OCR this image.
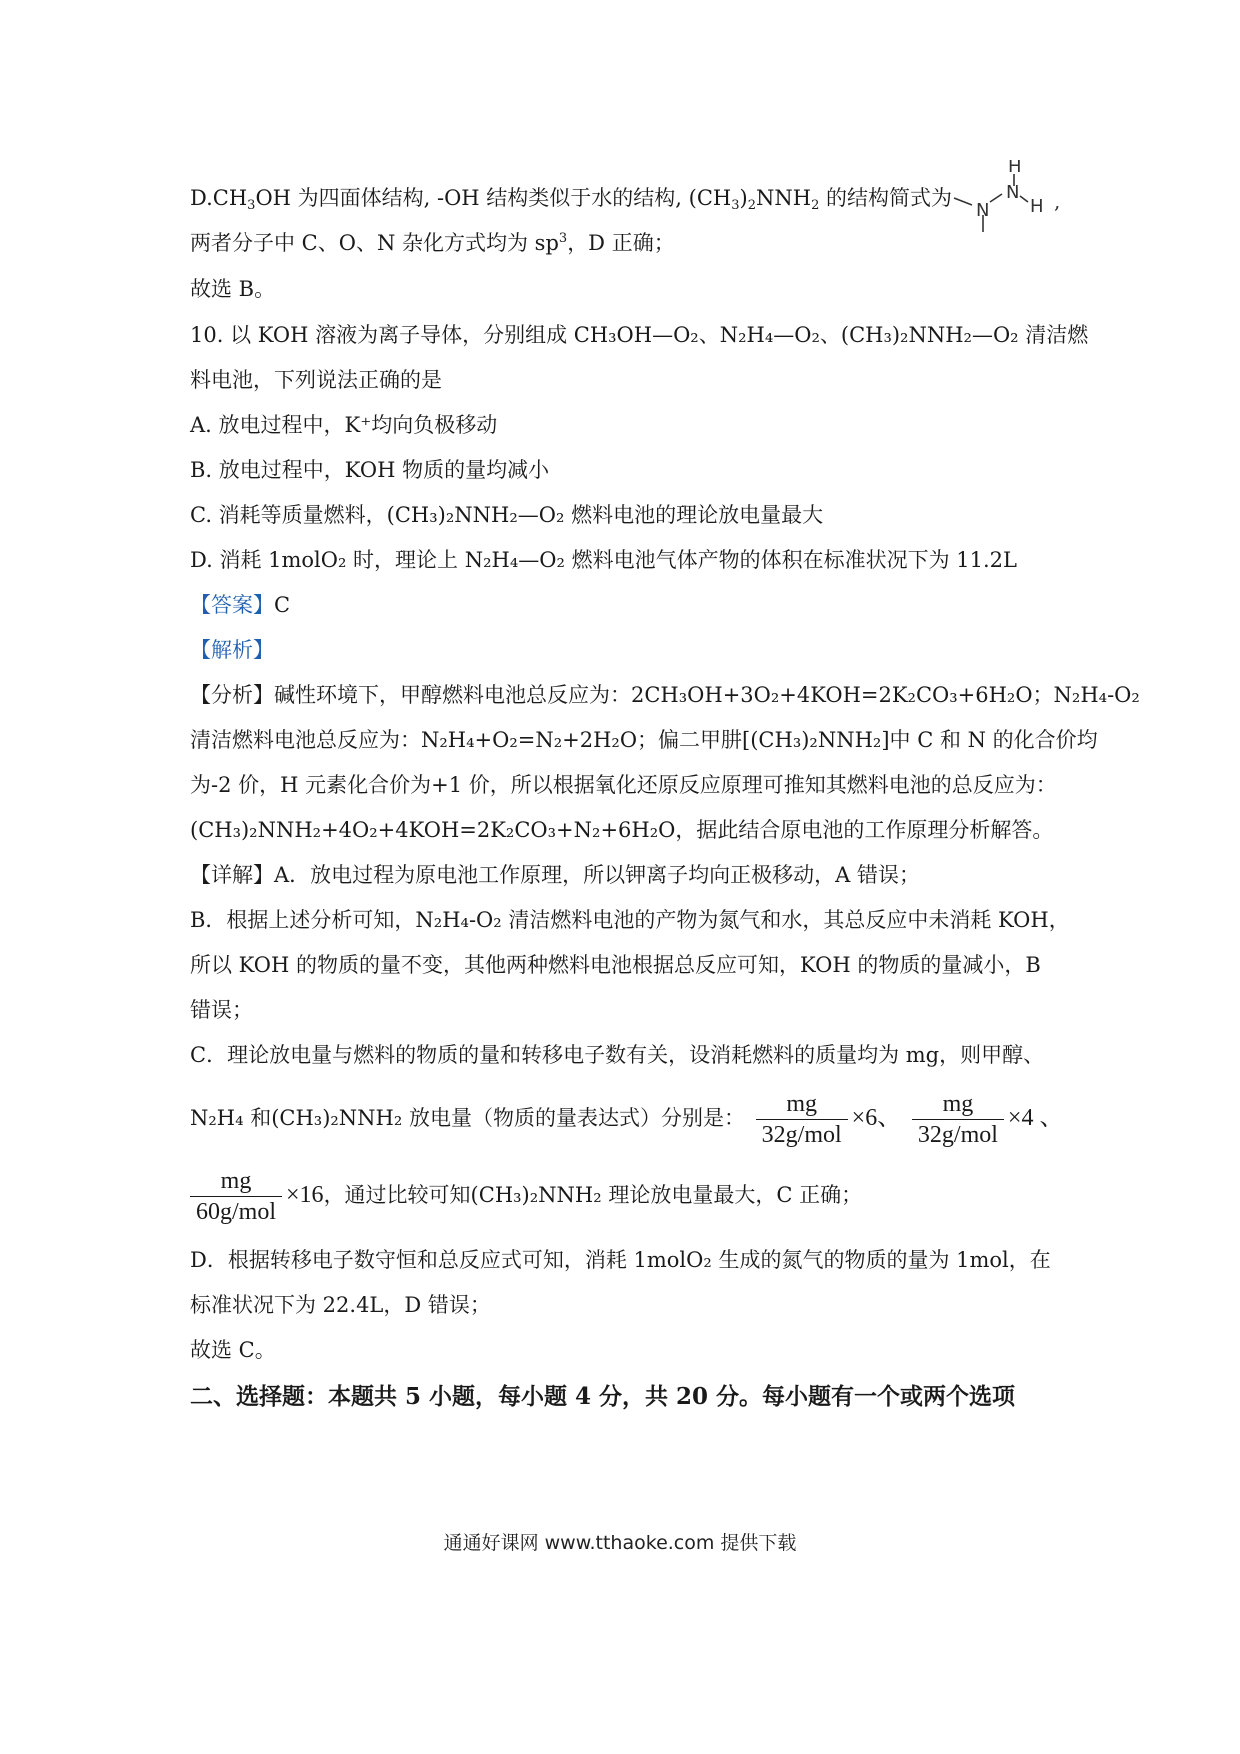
$D.CH_3OH$ 为四面体结构, -OH 结构类似于水的结构, $(CH_3)_2NNH_2$ 的结构简式为
N
N
H
H ,
两者分子中 C、O、N 杂化方式均为 $sp^3$，D 正确；
故选 B。
10. 以 KOH 溶液为离子导体，分别组成 CH₃OH—O₂、N₂H₄—O₂、(CH₃)₂NNH₂—O₂ 清洁燃
料电池，下列说法正确的是
A. 放电过程中，K⁺均向负极移动
B. 放电过程中，KOH 物质的量均减小
C. 消耗等质量燃料，(CH₃)₂NNH₂—O₂ 燃料电池的理论放电量最大
D. 消耗 1molO₂ 时，理论上 N₂H₄—O₂ 燃料电池气体产物的体积在标准状况下为 11.2L
【答案】C
【解析】
【分析】碱性环境下，甲醇燃料电池总反应为：2CH₃OH+3O₂+4KOH=2K₂CO₃+6H₂O；N₂H₄-O₂
清洁燃料电池总反应为：N₂H₄+O₂=N₂+2H₂O；偏二甲肼[(CH₃)₂NNH₂]中 C 和 N 的化合价均
为-2 价，H 元素化合价为+1 价，所以根据氧化还原反应原理可推知其燃料电池的总反应为：
(CH₃)₂NNH₂+4O₂+4KOH=2K₂CO₃+N₂+6H₂O，据此结合原电池的工作原理分析解答。
【详解】A．放电过程为原电池工作原理，所以钾离子均向正极移动，A 错误；
B．根据上述分析可知，N₂H₄-O₂ 清洁燃料电池的产物为氮气和水，其总反应中未消耗 KOH，
所以 KOH 的物质的量不变，其他两种燃料电池根据总反应可知，KOH 的物质的量减小，B
错误；
C．理论放电量与燃料的物质的量和转移电子数有关，设消耗燃料的质量均为 mg，则甲醇、
N₂H₄ 和(CH₃)₂NNH₂ 放电量（物质的量表达式）分别是： $\frac{mg}{\text{32g/mol}} \times 6$、 $\frac{mg}{\text{32g/mol}} \times 4$ 、
$\frac{mg}{\text{60g/mol}} \times 16$，通过比较可知(CH₃)₂NNH₂ 理论放电量最大，C 正确；
D．根据转移电子数守恒和总反应式可知，消耗 1molO₂ 生成的氮气的物质的量为 1mol，在
标准状况下为 22.4L，D 错误；
故选 C。
二、选择题：本题共 5 小题，每小题 4 分，共 20 分。每小题有一个或两个选项
通通好课网 www.tthaoke.com 提供下载
